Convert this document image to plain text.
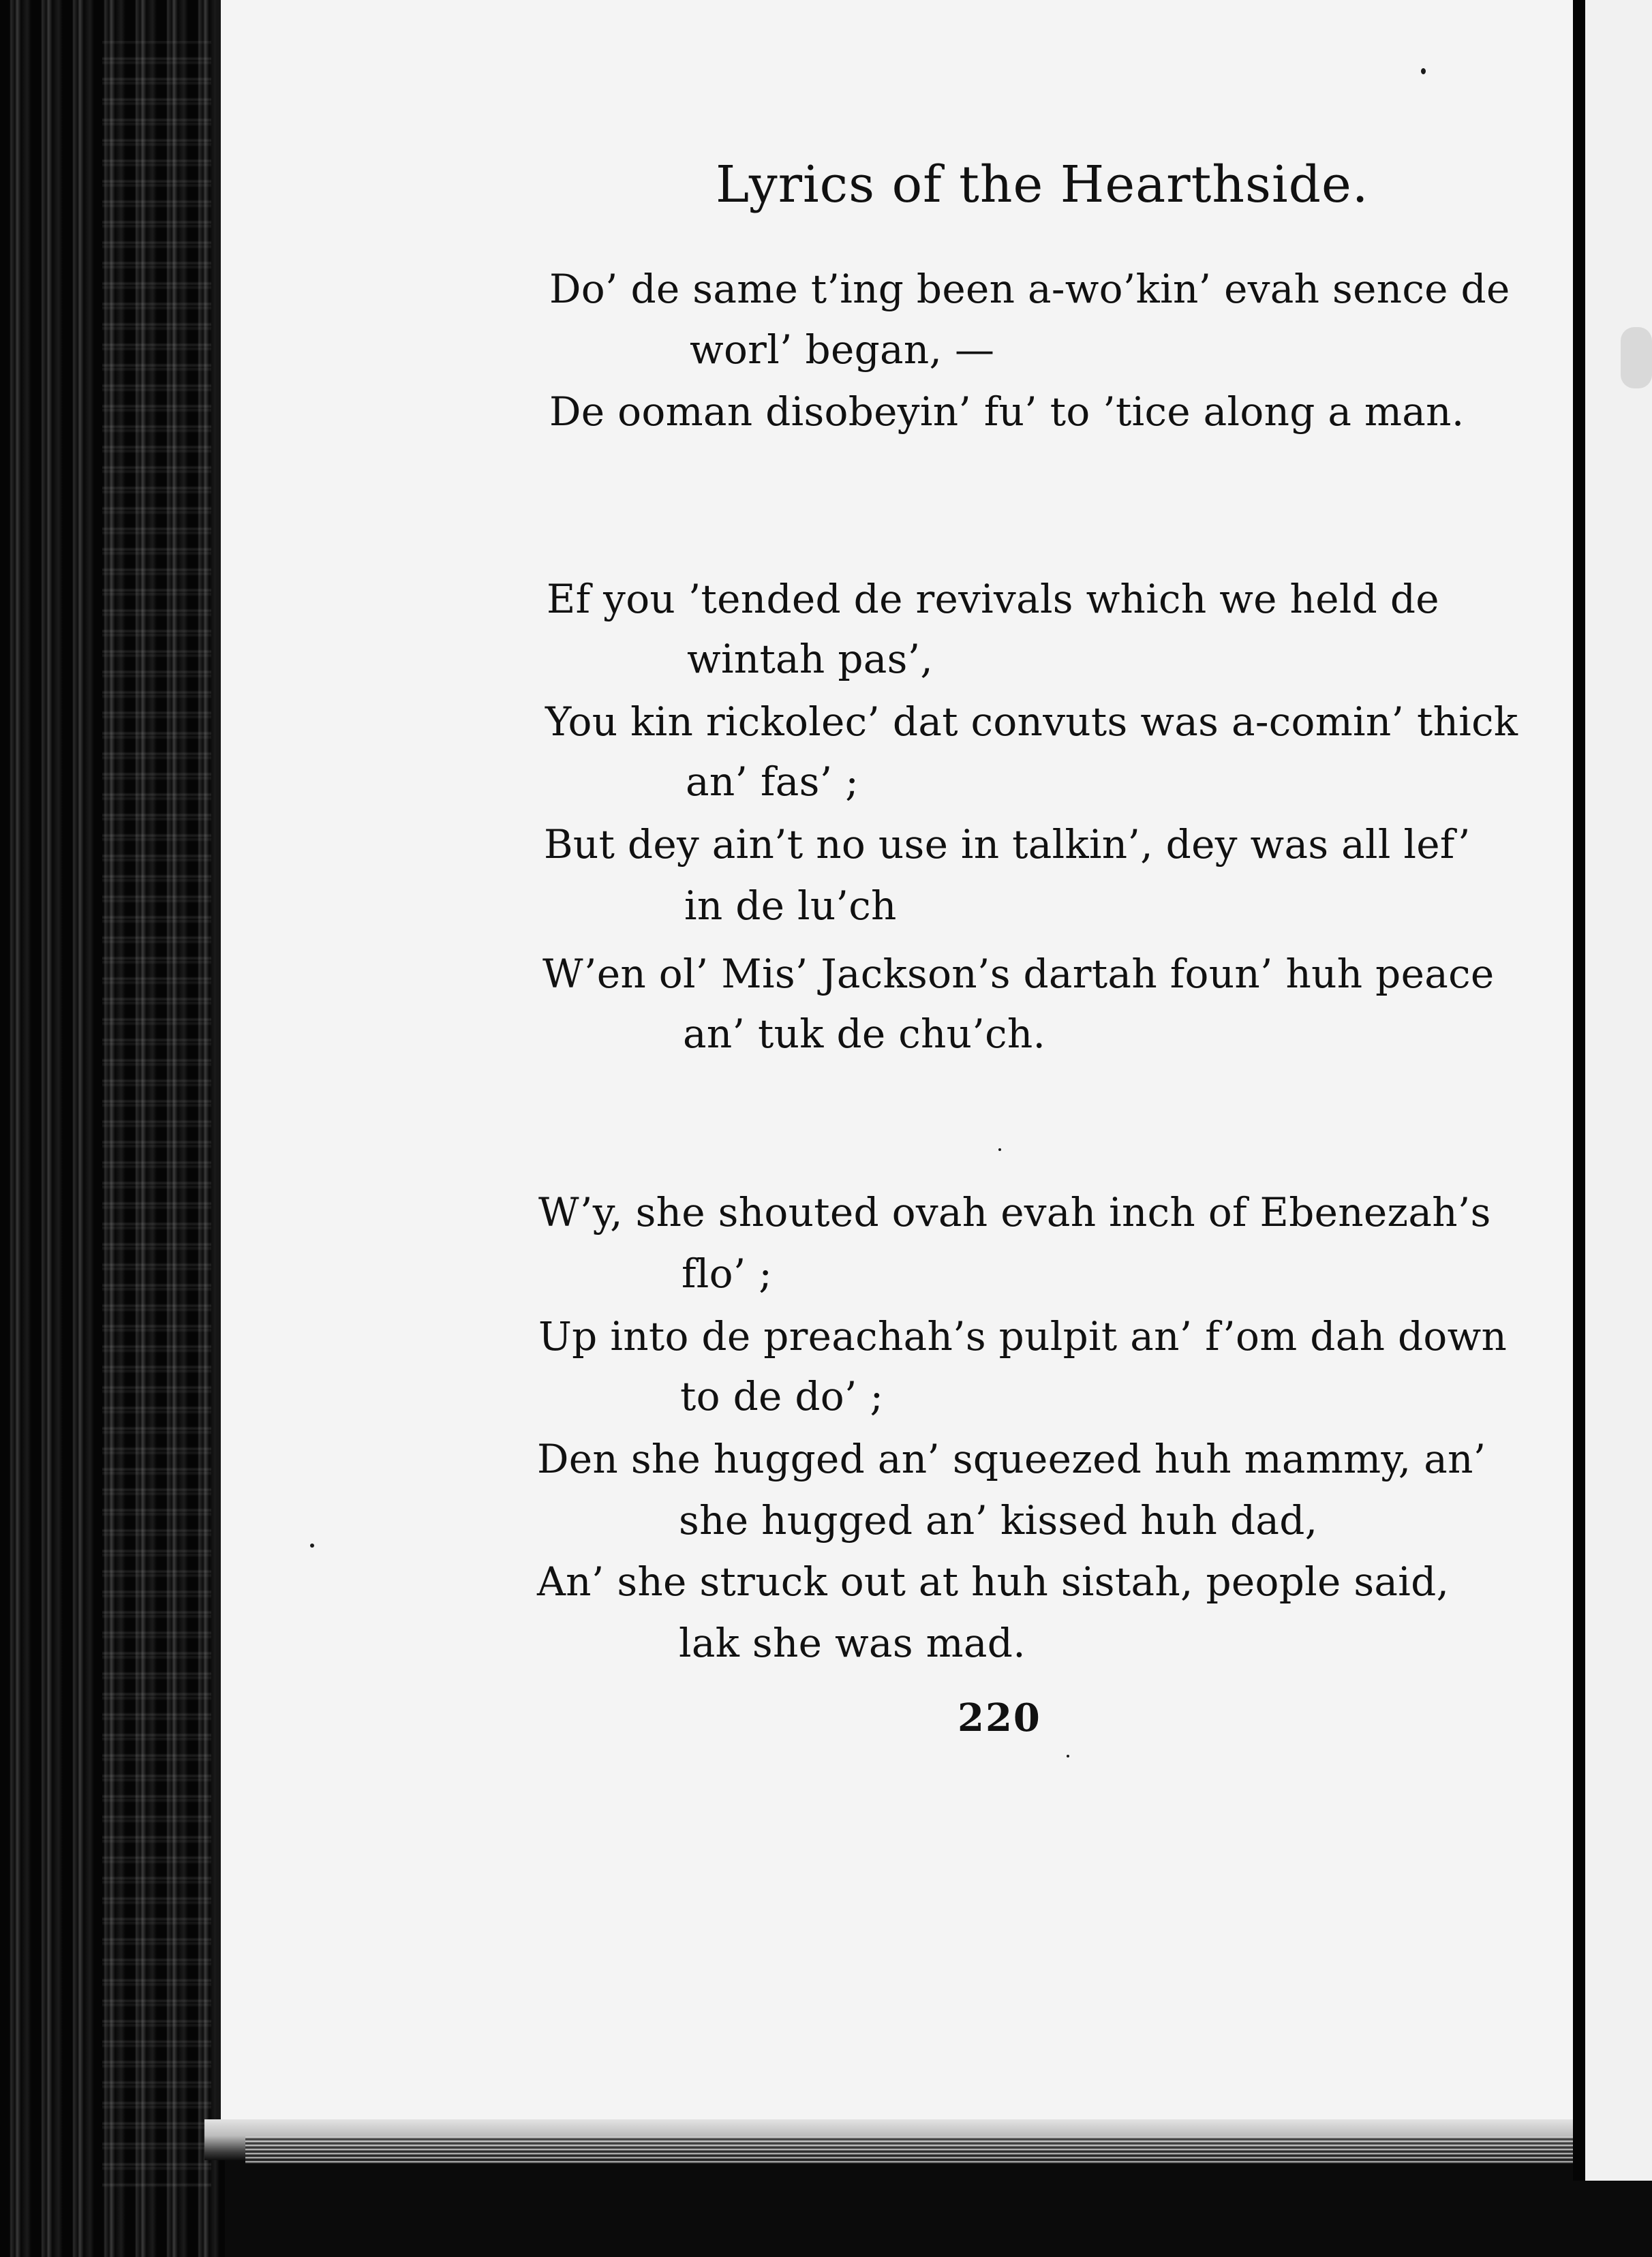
Lyrics of the Hearthside.
Do’ de same t’ing been a-wo’kin’ evah sence de
worl’ began, —
De ooman disobeyin’ fu’ to ’tice along a man.
Ef you ’tended de revivals which we held de
wintah pas’,
You kin rickolec’ dat convuts was a-comin’ thick
an’ fas’ ;
But dey ain’t no use in talkin’, dey was all lef’
in de lu’ch
W’en ol’ Mis’ Jackson’s dartah foun’ huh peace
an’ tuk de chu’ch.
W’y, she shouted ovah evah inch of Ebenezah’s
flo’ ;
Up into de preachah’s pulpit an’ f’om dah down
to de do’ ;
Den she hugged an’ squeezed huh mammy, an’
she hugged an’ kissed huh dad,
An’ she struck out at huh sistah, people said,
lak she was mad.
220
